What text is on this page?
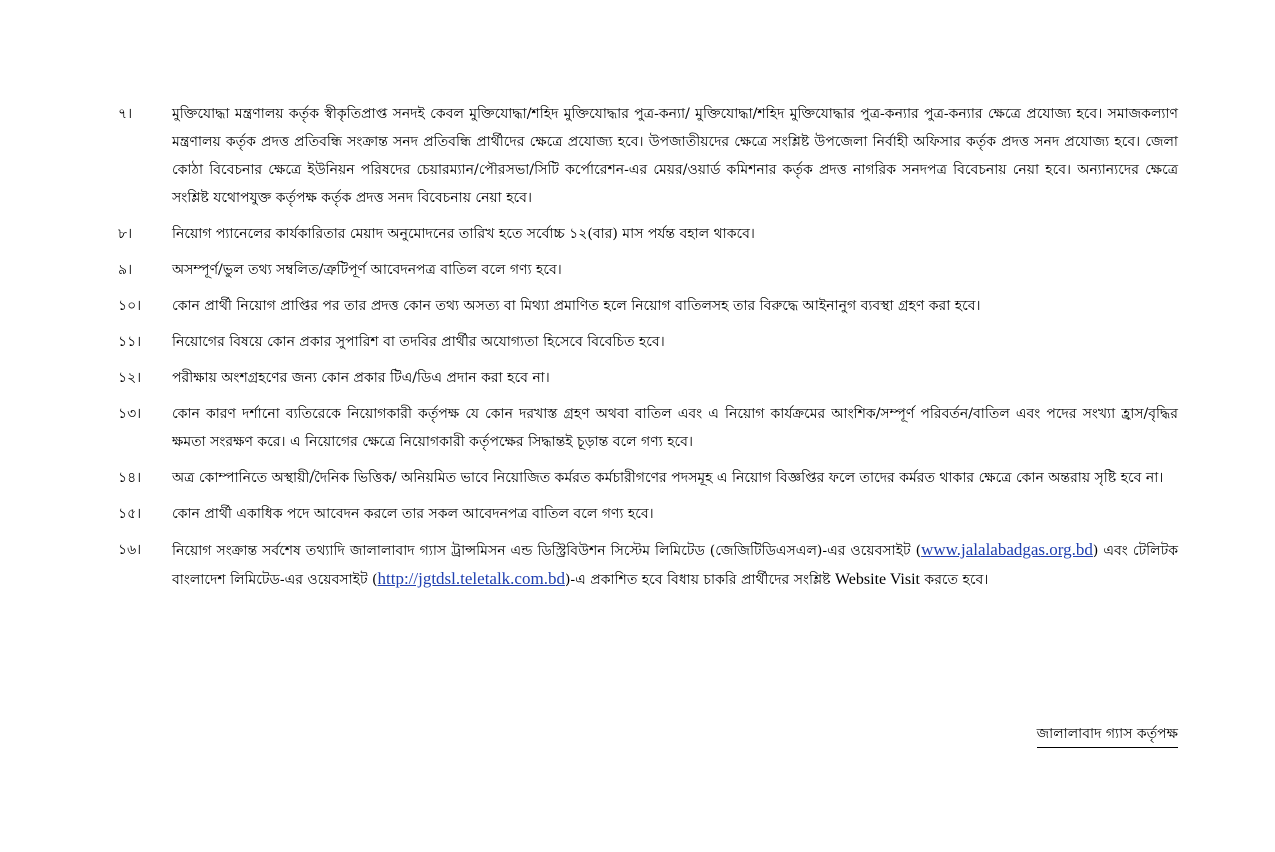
৭।	মুক্তিযোদ্ধা মন্ত্রণালয় কর্তৃক স্বীকৃতিপ্রাপ্ত সনদই কেবল মুক্তিযোদ্ধা/শহিদ মুক্তিযোদ্ধার পুত্র-কন্যা/ মুক্তিযোদ্ধা/শহিদ মুক্তিযোদ্ধার পুত্র-কন্যার পুত্র-কন্যার ক্ষেত্রে প্রযোজ্য হবে। সমাজকল্যাণ মন্ত্রণালয় কর্তৃক প্রদত্ত প্রতিবন্ধি সংক্রান্ত সনদ প্রতিবন্ধি প্রার্থীদের ক্ষেত্রে প্রযোজ্য হবে। উপজাতীয়দের ক্ষেত্রে সংশ্লিষ্ট উপজেলা নির্বাহী অফিসার কর্তৃক প্রদত্ত সনদ প্রযোজ্য হবে। জেলা কোঠা বিবেচনার ক্ষেত্রে ইউনিয়ন পরিষদের চেয়ারম্যান/পৌরসভা/সিটি কর্পোরেশন-এর মেয়র/ওয়ার্ড কমিশনার কর্তৃক প্রদত্ত নাগরিক সনদপত্র বিবেচনায় নেয়া হবে। অন্যান্যদের ক্ষেত্রে সংশ্লিষ্ট যথোপযুক্ত কর্তৃপক্ষ কর্তৃক প্রদত্ত সনদ বিবেচনায় নেয়া হবে।
৮।	নিয়োগ প্যানেলের কার্যকারিতার মেয়াদ অনুমোদনের তারিখ হতে সর্বোচ্চ ১২(বার) মাস পর্যন্ত বহাল থাকবে।
৯।	অসম্পূর্ণ/ভুল তথ্য সম্বলিত/ত্রুটিপূর্ণ আবেদনপত্র বাতিল বলে গণ্য হবে।
১০।	কোন প্রার্থী নিয়োগ প্রাপ্তির পর তার প্রদত্ত কোন তথ্য অসত্য বা মিথ্যা প্রমাণিত হলে নিয়োগ বাতিলসহ তার বিরুদ্ধে আইনানুগ ব্যবস্থা গ্রহণ করা হবে।
১১।	নিয়োগের বিষয়ে কোন প্রকার সুপারিশ বা তদবির প্রার্থীর অযোগ্যতা হিসেবে বিবেচিত হবে।
১২।	পরীক্ষায় অংশগ্রহণের জন্য কোন প্রকার টিএ/ডিএ প্রদান করা হবে না।
১৩।	কোন কারণ দর্শানো ব্যতিরেকে নিয়োগকারী কর্তৃপক্ষ যে কোন দরখাস্ত গ্রহণ অথবা বাতিল এবং এ নিয়োগ কার্যক্রমের আংশিক/সম্পূর্ণ পরিবর্তন/বাতিল এবং পদের সংখ্যা হ্রাস/বৃদ্ধির ক্ষমতা সংরক্ষণ করে। এ নিয়োগের ক্ষেত্রে নিয়োগকারী কর্তৃপক্ষের সিদ্ধান্তই চূড়ান্ত বলে গণ্য হবে।
১৪।	অত্র কোম্পানিতে অস্থায়ী/দৈনিক ভিত্তিক/ অনিয়মিত ভাবে নিয়োজিত কর্মরত কর্মচারীগণের পদসমূহ এ নিয়োগ বিজ্ঞপ্তির ফলে তাদের কর্মরত থাকার ক্ষেত্রে কোন অন্তরায় সৃষ্টি হবে না।
১৫।	কোন প্রার্থী একাধিক পদে আবেদন করলে তার সকল আবেদনপত্র বাতিল বলে গণ্য হবে।
১৬।	নিয়োগ সংক্রান্ত সর্বশেষ তথ্যাদি জালালাবাদ গ্যাস ট্রান্সমিসন এন্ড ডিস্ট্রিবিউশন সিস্টেম লিমিটেড (জেজিটিডিএসএল)-এর ওয়েবসাইট (www.jalalabadgas.org.bd) এবং টেলিটক বাংলাদেশ লিমিটেড-এর ওয়েবসাইট (http://jgtdsl.teletalk.com.bd)-এ প্রকাশিত হবে বিধায় চাকরি প্রার্থীদের সংশ্লিষ্ট Website Visit করতে হবে।
জালালাবাদ গ্যাস কর্তৃপক্ষ
